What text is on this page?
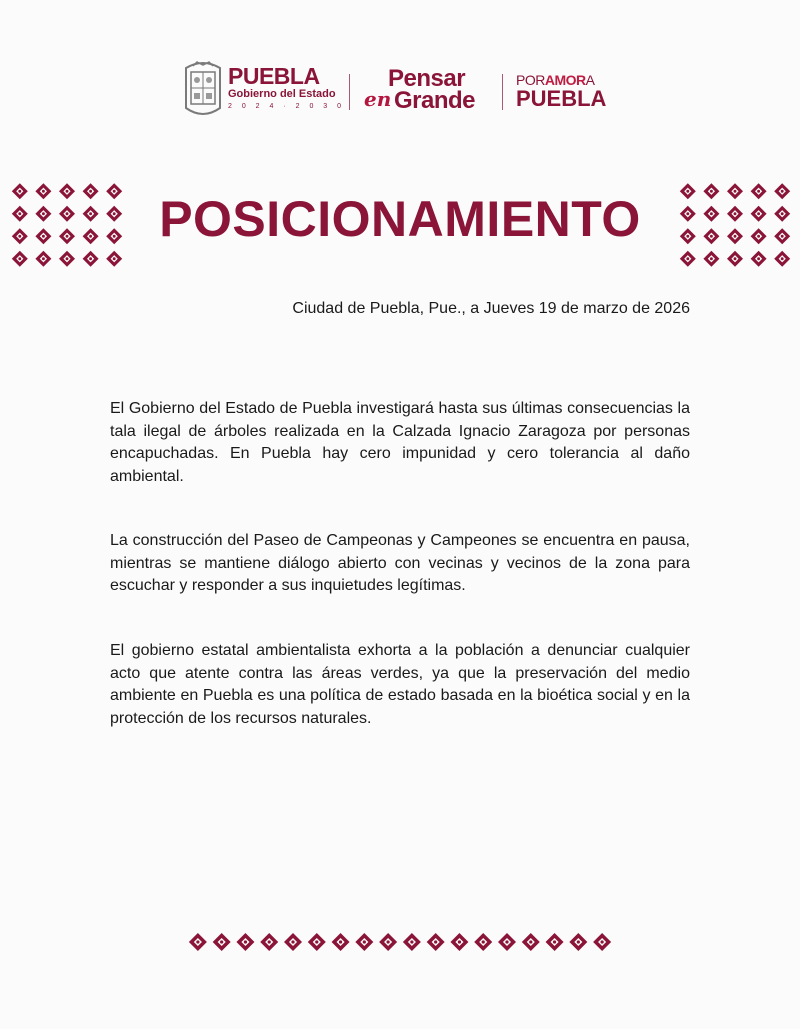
PUEBLA
Gobierno del Estado
2 0 2 4 · 2 0 3 0
Pensar
en Grande
PORAMORA
PUEBLA
POSICIONAMIENTO
Ciudad de Puebla, Pue., a Jueves 19 de marzo de 2026

El Gobierno del Estado de Puebla investigará hasta sus últimas consecuencias la tala ilegal de árboles realizada en la Calzada Ignacio Zaragoza por personas encapuchadas. En Puebla hay cero impunidad y cero tolerancia al daño ambiental.

La construcción del Paseo de Campeonas y Campeones se encuentra en pausa, mientras se mantiene diálogo abierto con vecinas y vecinos de la zona para escuchar y responder a sus inquietudes legítimas.

El gobierno estatal ambientalista exhorta a la población a denunciar cualquier acto que atente contra las áreas verdes, ya que la preservación del medio ambiente en Puebla es una política de estado basada en la bioética social y en la protección de los recursos naturales.
